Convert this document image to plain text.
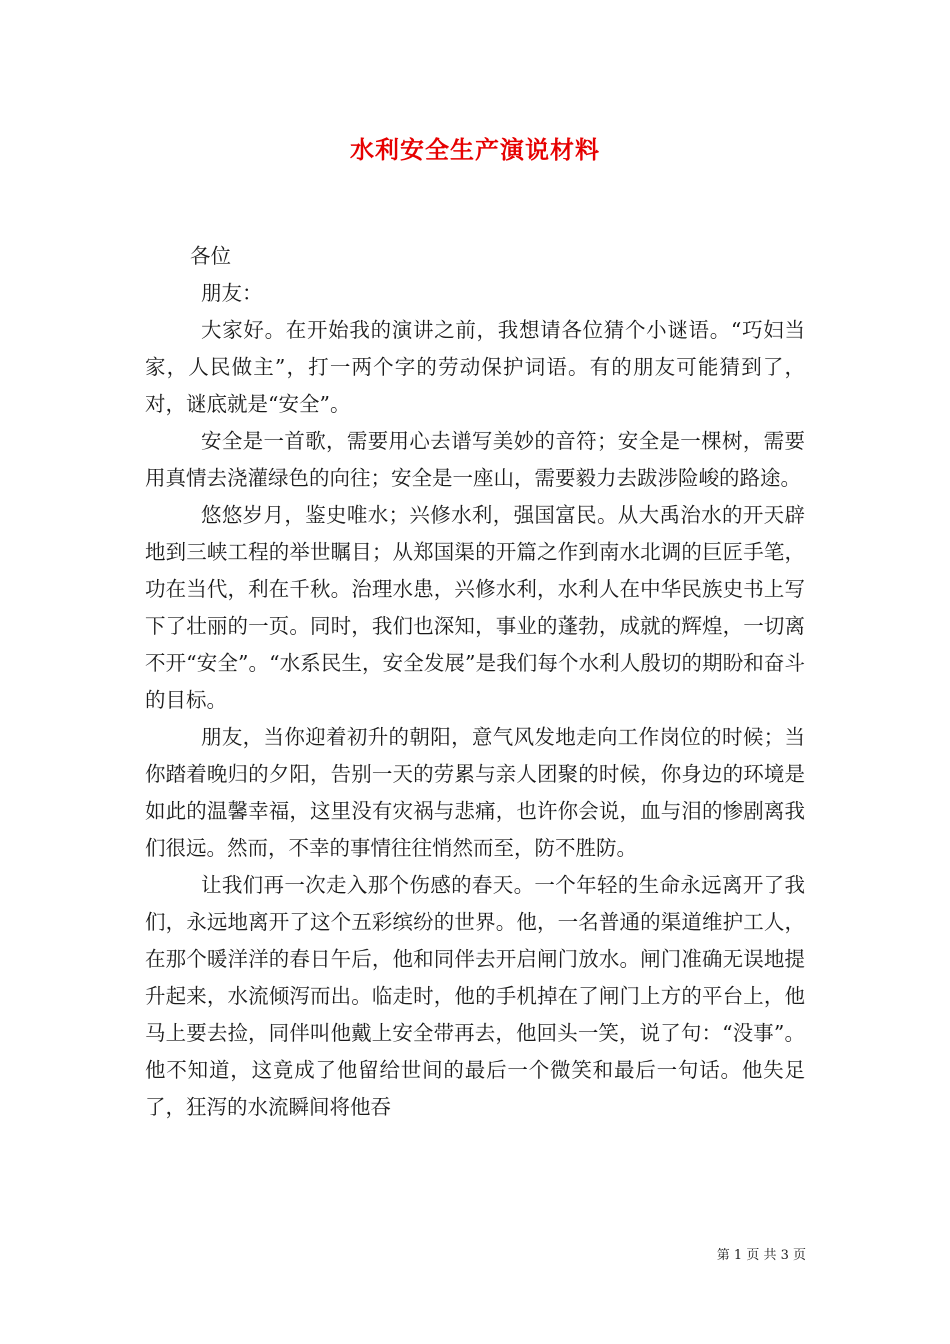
水利安全生产演说材料

各位

朋友：

大家好。在开始我的演讲之前，我想请各位猜个小谜语。“巧妇当家，人民做主”，打一两个字的劳动保护词语。有的朋友可能猜到了，对，谜底就是“安全”。

安全是一首歌，需要用心去谱写美妙的音符；安全是一棵树，需要用真情去浇灌绿色的向往；安全是一座山，需要毅力去跋涉险峻的路途。

悠悠岁月，鉴史唯水；兴修水利，强国富民。从大禹治水的开天辟地到三峡工程的举世瞩目；从郑国渠的开篇之作到南水北调的巨匠手笔，功在当代，利在千秋。治理水患，兴修水利，水利人在中华民族史书上写下了壮丽的一页。同时，我们也深知，事业的蓬勃，成就的辉煌，一切离不开“安全”。“水系民生，安全发展”是我们每个水利人殷切的期盼和奋斗的目标。

朋友，当你迎着初升的朝阳，意气风发地走向工作岗位的时候；当你踏着晚归的夕阳，告别一天的劳累与亲人团聚的时候，你身边的环境是如此的温馨幸福，这里没有灾祸与悲痛，也许你会说，血与泪的惨剧离我们很远。然而，不幸的事情往往悄然而至，防不胜防。

让我们再一次走入那个伤感的春天。一个年轻的生命永远离开了我们，永远地离开了这个五彩缤纷的世界。他，一名普通的渠道维护工人，在那个暖洋洋的春日午后，他和同伴去开启闸门放水。闸门准确无误地提升起来，水流倾泻而出。临走时，他的手机掉在了闸门上方的平台上，他马上要去捡，同伴叫他戴上安全带再去，他回头一笑，说了句：“没事”。他不知道，这竟成了他留给世间的最后一个微笑和最后一句话。他失足了，狂泻的水流瞬间将他吞

第 1 页 共 3 页
